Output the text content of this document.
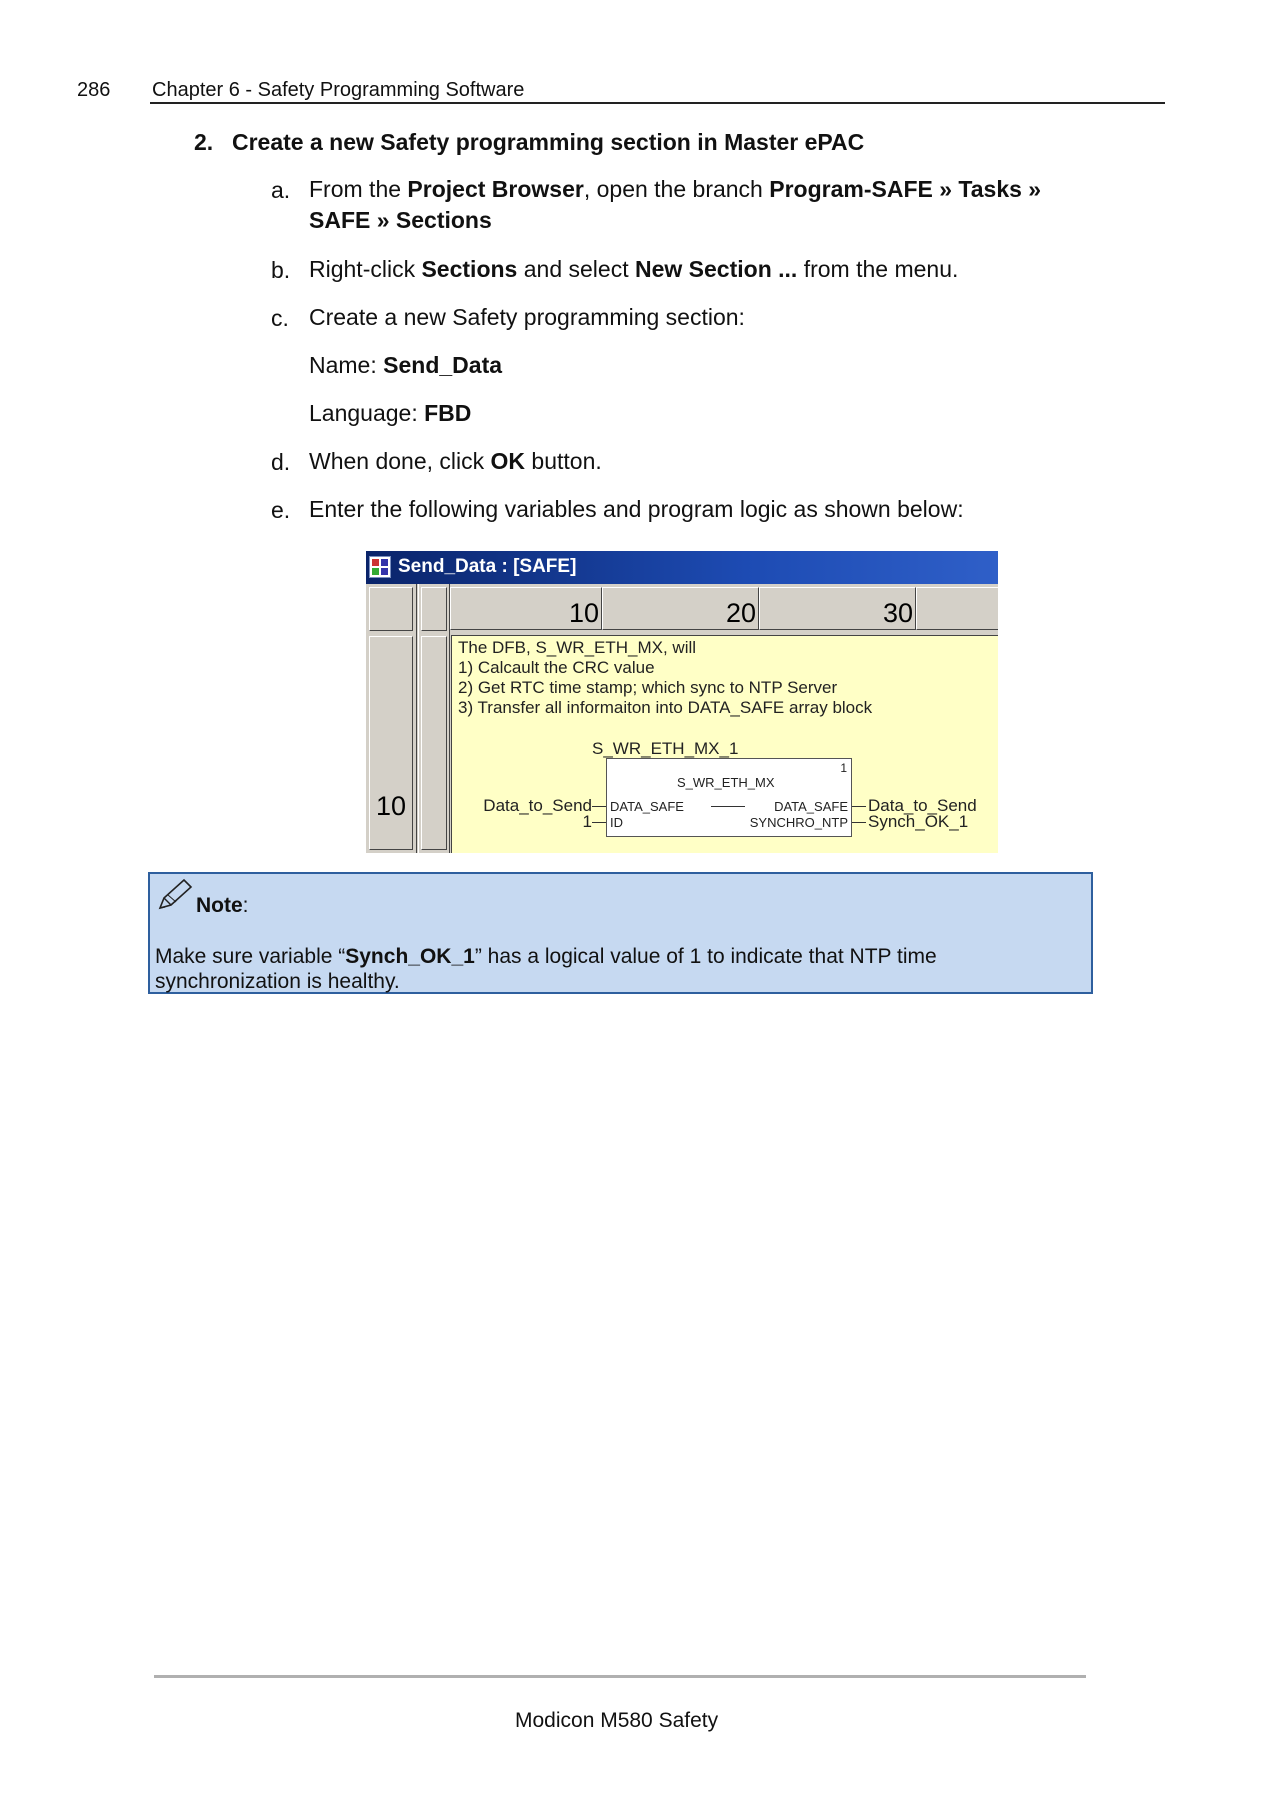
286 Chapter 6 - Safety Programming Software
2. Create a new Safety programming section in Master ePAC
a. From the Project Browser, open the branch Program-SAFE » Tasks »
SAFE » Sections
b. Right-click Sections and select New Section ... from the menu.
c. Create a new Safety programming section:
Name: Send_Data
Language: FBD
d. When done, click OK button.
e. Enter the following variables and program logic as shown below:
Send_Data : [SAFE]
10	20	30
10
The DFB, S_WR_ETH_MX, will
1) Calcault the CRC value
2) Get RTC time stamp; which sync to NTP Server
3) Transfer all informaiton into DATA_SAFE array block
S_WR_ETH_MX_1
1
S_WR_ETH_MX
DATA_SAFE
ID
DATA_SAFE
SYNCHRO_NTP
Data_to_Send
1
Data_to_Send
Synch_OK_1
Note:
Make sure variable “Synch_OK_1” has a logical value of 1 to indicate that NTP time synchronization is healthy.
Modicon M580 Safety
